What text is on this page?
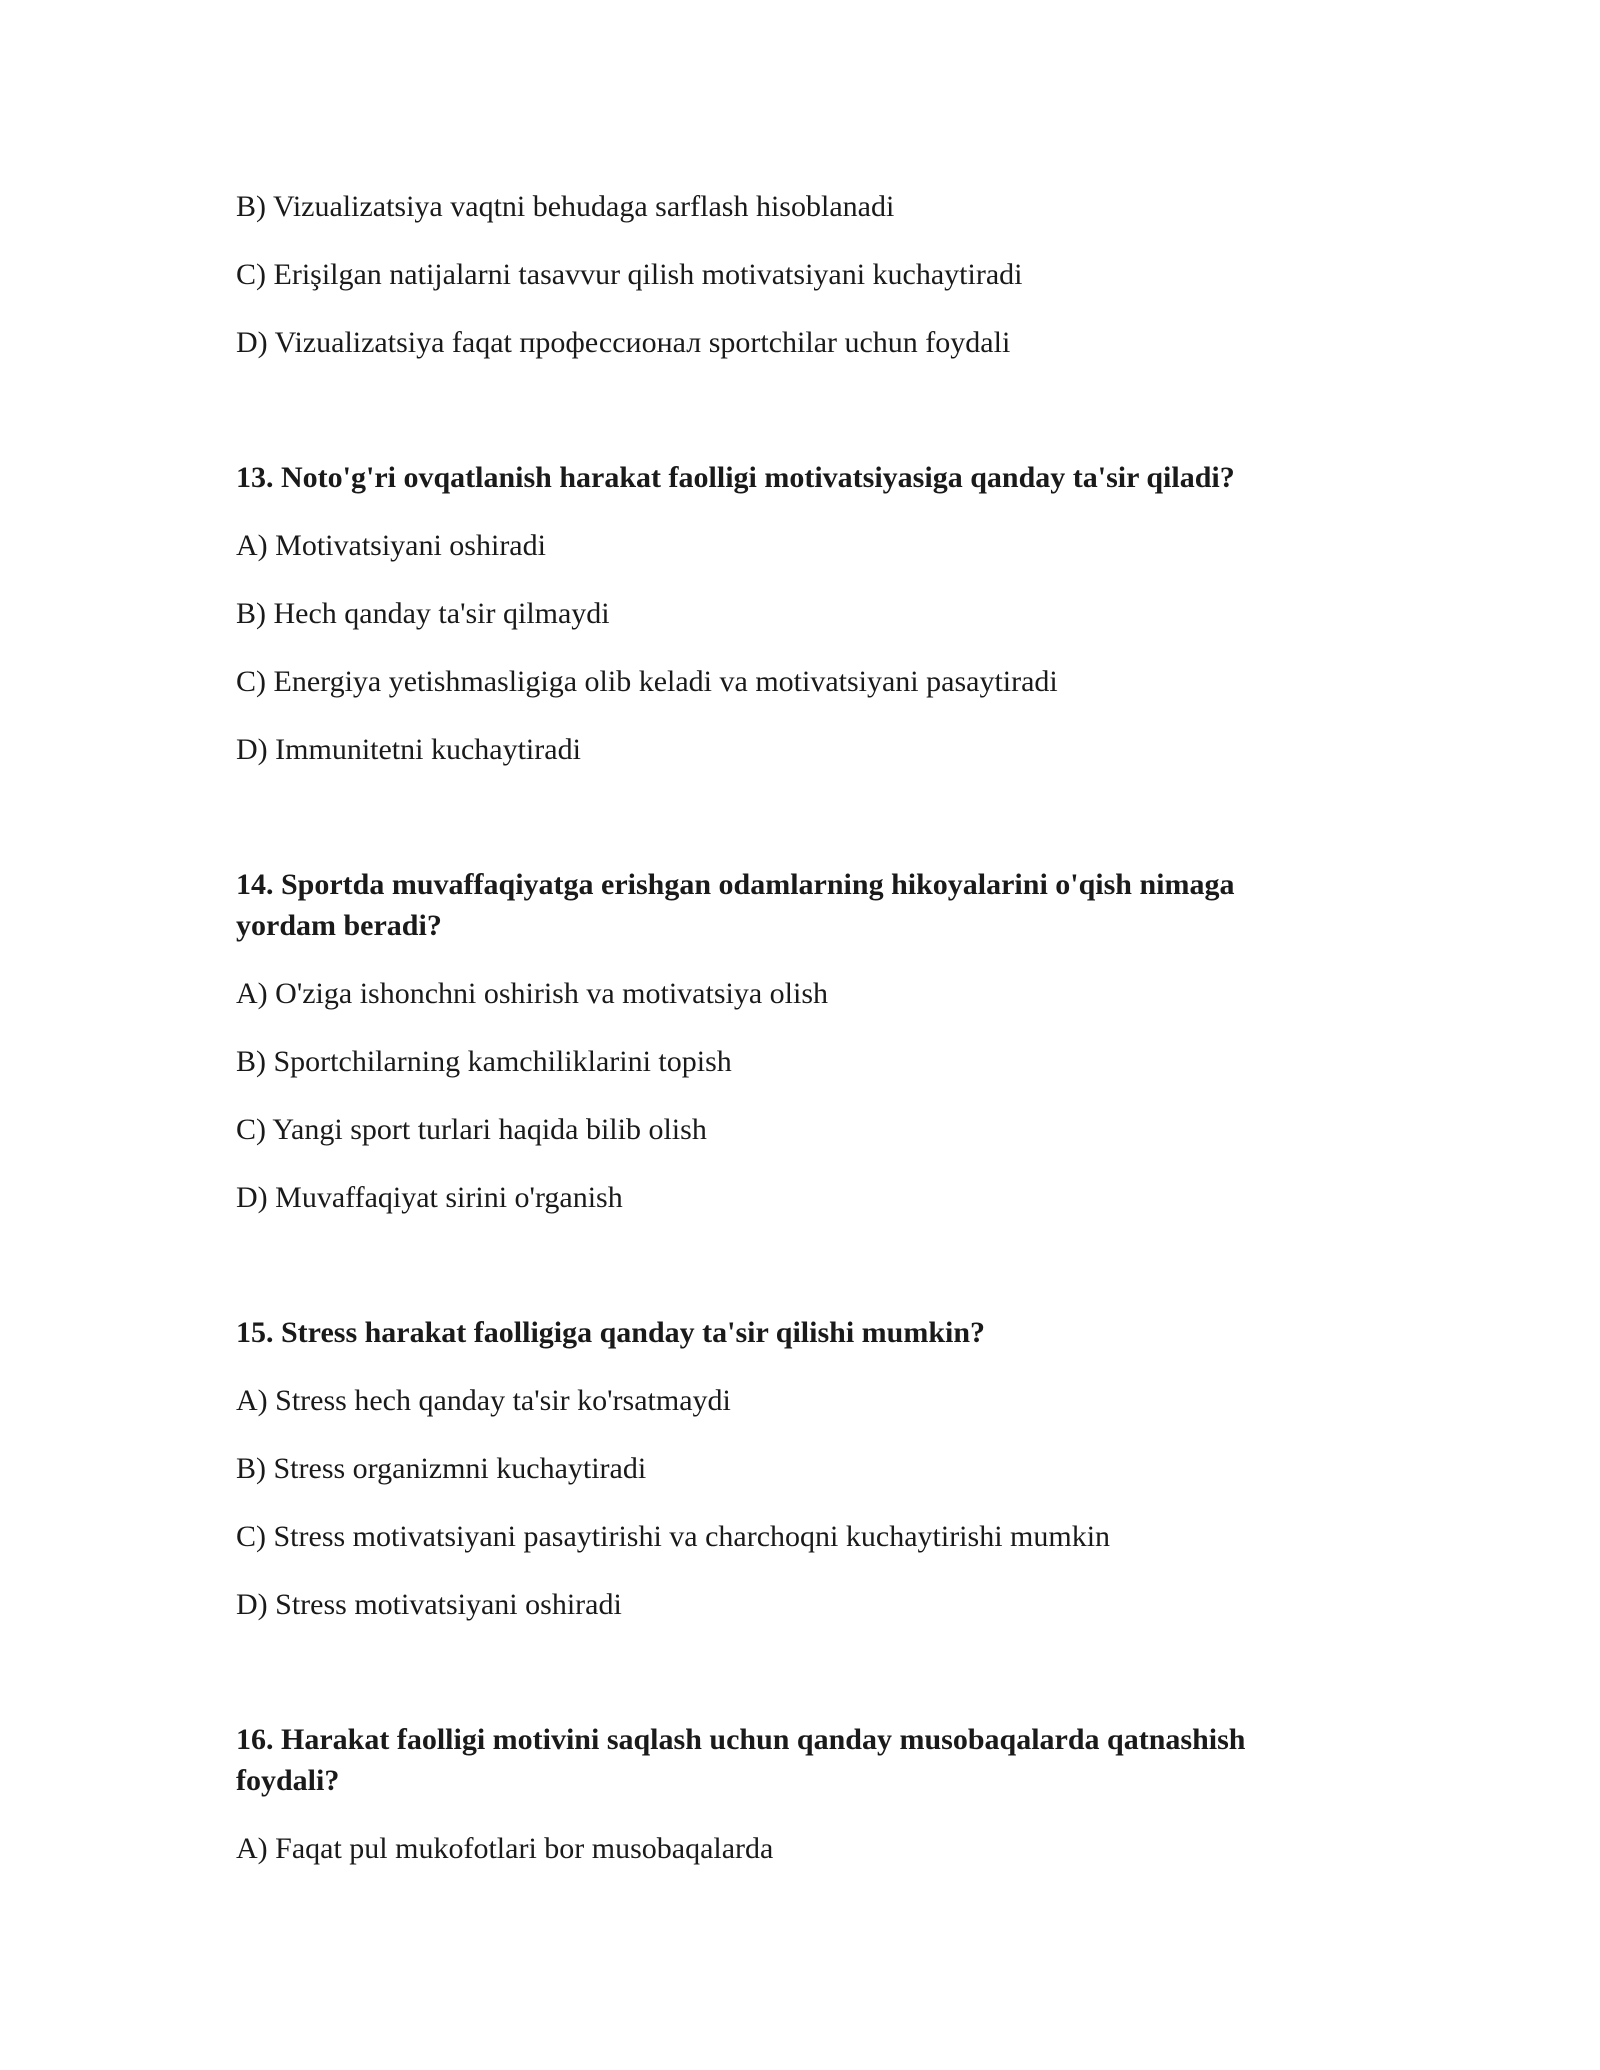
B) Vizualizatsiya vaqtni behudaga sarflash hisoblanadi
C) Erişilgan natijalarni tasavvur qilish motivatsiyani kuchaytiradi
D) Vizualizatsiya faqat профессионал sportchilar uchun foydali
13. Noto'g'ri ovqatlanish harakat faolligi motivatsiyasiga qanday ta'sir qiladi?
A) Motivatsiyani oshiradi
B) Hech qanday ta'sir qilmaydi
C) Energiya yetishmasligiga olib keladi va motivatsiyani pasaytiradi
D) Immunitetni kuchaytiradi
14. Sportda muvaffaqiyatga erishgan odamlarning hikoyalarini o'qish nimaga
yordam beradi?
A) O'ziga ishonchni oshirish va motivatsiya olish
B) Sportchilarning kamchiliklarini topish
C) Yangi sport turlari haqida bilib olish
D) Muvaffaqiyat sirini o'rganish
15. Stress harakat faolligiga qanday ta'sir qilishi mumkin?
A) Stress hech qanday ta'sir ko'rsatmaydi
B) Stress organizmni kuchaytiradi
C) Stress motivatsiyani pasaytirishi va charchoqni kuchaytirishi mumkin
D) Stress motivatsiyani oshiradi
16. Harakat faolligi motivini saqlash uchun qanday musobaqalarda qatnashish
foydali?
A) Faqat pul mukofotlari bor musobaqalarda
